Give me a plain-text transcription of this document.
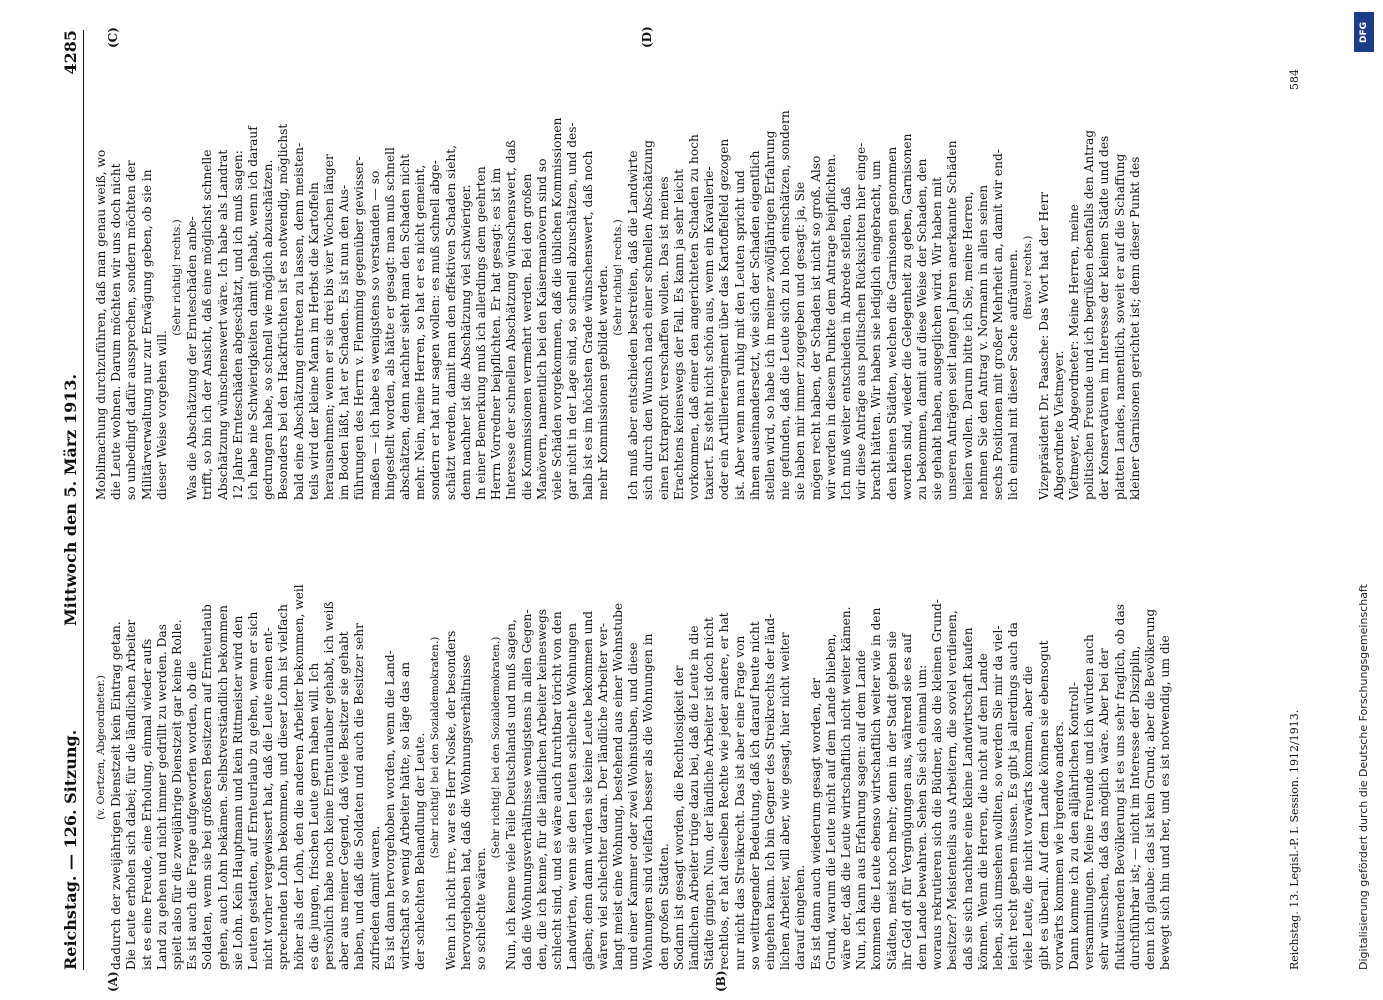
Reichstag. — 126. Sitzung.
Mittwoch den 5. März 1913.
4285
(A)	(B)
(C)	(D)
(v. Oertzen, Abgeordneter.) dadurch der zweijährigen Dienstzeit kein Eintrag getan. Die Leute erholen sich dabei; für die ländlichen Arbeiter ist es eine Freude, eine Erholung, einmal wieder aufs Land zu gehen und nicht immer gedrillt zu werden. Das spielt also für die zweijährige Dienstzeit gar keine Rolle. Es ist auch die Frage aufgeworfen worden, ob die Soldaten, wenn sie bei größeren Besitzern auf Ernteurlaub gehen, auch Lohn bekämen. Selbstverständlich bekommen sie Lohn. Kein Hauptmann und kein Rittmeister wird den Leuten gestatten, auf Ernteurlaub zu gehen, wenn er sich nicht vorher vergewissert hat, daß die Leute einen ent- sprechenden Lohn bekommen, und dieser Lohn ist vielfach höher als der Lohn, den die anderen Arbeiter bekommen, weil es die jungen, frischen Leute gern haben will. Ich persönlich habe noch keine Ernteurlauber gehabt, ich weiß aber aus meiner Gegend, daß viele Besitzer sie gehabt haben, und daß die Soldaten und auch die Besitzer sehr zufrieden damit waren. Es ist dann hervorgehoben worden, wenn die Land- wirtschaft so wenig Arbeiter hätte, so läge das an der schlechten Behandlung der Leute. (Sehr richtig! bei den Sozialdemokraten.) Wenn ich nicht irre, war es Herr Noske, der besonders hervorgehoben hat, daß die Wohnungsverhältnisse so schlechte wären.
(Sehr richtig! bei den Sozialdemokraten.) Nun, ich kenne viele Teile Deutschlands und muß sagen, daß die Wohnungsverhältnisse wenigstens in allen Gegen- den, die ich kenne, für die ländlichen Arbeiter keineswegs schlecht sind, und es wäre auch furchtbar töricht von den Landwirten, wenn sie den Leuten schlechte Wohnungen gäben; denn dann würden sie keine Leute bekommen und wären viel schlechter daran. Der ländliche Arbeiter ver- langt meist eine Wohnung, bestehend aus einer Wohnstube und einer Kammer oder zwei Wohnstuben, und diese Wohnungen sind vielfach besser als die Wohnungen in den großen Städten. Sodann ist gesagt worden, die Rechtlosigkeit der ländlichen Arbeiter trüge dazu bei, daß die Leute in die Städte gingen. Nun, der ländliche Arbeiter ist doch nicht rechtlos, er hat dieselben Rechte wie jeder andere, er hat nur nicht das Streikrecht. Das ist aber eine Frage von so weittragender Bedeutung, daß ich darauf heute nicht eingehen kann. Ich bin Gegner des Streikrechts der länd- lichen Arbeiter, will aber, wie gesagt, hier nicht weiter darauf eingehen. Es ist dann auch wiederum gesagt worden, der Grund, warum die Leute nicht auf dem Lande blieben, wäre der, daß die Leute wirtschaftlich nicht weiter kämen. Nun, ich kann aus Erfahrung sagen: auf dem Lande kommen die Leute ebenso wirtschaftlich weiter wie in den Städten, meist noch mehr; denn in der Stadt geben sie ihr Geld oft für Vergnügungen aus, während sie es auf dem Lande bewahren. Sehen Sie sich einmal um: woraus rekrutieren sich die Büdner, also die kleinen Grund- besitzer? Meistenteils aus Arbeitern, die soviel verdienen, daß sie sich nachher eine kleine Landwirtschaft kaufen können. Wenn die Herren, die nicht auf dem Lande leben, sich umsehen wollten, so werden Sie mir da viel- leicht recht geben müssen. Es gibt ja allerdings auch da viele Leute, die nicht vorwärts kommen, aber die gibt es überall. Auf dem Lande können sie ebensogut vorwärts kommen wie irgendwo anders. Dann komme ich zu den alljährlichen Kontroll- versammlungen. Meine Freunde und ich würden auch sehr wünschen, daß das möglich wäre. Aber bei der fluktuierenden Bevölkerung ist es uns sehr fraglich, ob das durchführbar ist; — nicht im Interesse der Disziplin, denn ich glaube: das ist kein Grund; aber die Bevölkerung bewegt sich hin und her, und es ist notwendig, um die
Mobilmachung durchzuführen, daß man genau weiß, wo die Leute wohnen. Darum möchten wir uns doch nicht so unbedingt dafür aussprechen, sondern möchten der Militärverwaltung nur zur Erwägung geben, ob sie in dieser Weise vorgehen will.
(Sehr richtig! rechts.) Was die Abschätzung der Ernteschäden anbe- trifft, so bin ich der Ansicht, daß eine möglichst schnelle Abschätzung wünschenswert wäre. Ich habe als Landrat 12 Jahre Ernteschäden abgeschätzt, und ich muß sagen: ich habe nie Schwierigkeiten damit gehabt, wenn ich darauf gedrungen habe, so schnell wie möglich abzuschätzen. Besonders bei den Hackfrüchten ist es notwendig, möglichst bald eine Abschätzung eintreten zu lassen, denn meisten- teils wird der kleine Mann im Herbst die Kartoffeln herausnehmen; wenn er sie drei bis vier Wochen länger im Boden läßt, hat er Schaden. Es ist nun den Aus- führungen des Herrn v. Flemming gegenüber gewisser- maßen — ich habe es wenigstens so verstanden — so hingestellt worden, als hätte er gesagt: man muß schnell abschätzen, denn nachher sieht man den Schaden nicht mehr. Nein, meine Herren, so hat er es nicht gemeint, sondern er hat nur sagen wollen: es muß schnell abge- schätzt werden, damit man den effektiven Schaden sieht, denn nachher ist die Abschätzung viel schwieriger. In einer Bemerkung muß ich allerdings dem geehrten Herrn Vorredner beipflichten. Er hat gesagt: es ist im Interesse der schnellen Abschätzung wünschenswert, daß die Kommissionen vermehrt werden. Bei den großen Manövern, namentlich bei den Kaisermanövern sind so viele Schäden vorgekommen, daß die üblichen Kommissionen gar nicht in der Lage sind, so schnell abzuschätzen, und des- halb ist es im höchsten Grade wünschenswert, daß noch mehr Kommissionen gebildet werden. (Sehr richtig! rechts.) Ich muß aber entschieden bestreiten, daß die Landwirte sich durch den Wunsch nach einer schnellen Abschätzung einen Extraprofit verschaffen wollen. Das ist meines Erachtens keineswegs der Fall. Es kann ja sehr leicht vorkommen, daß einer den angerichteten Schaden zu hoch taxiert. Es steht nicht schön aus, wenn ein Kavallerie- oder ein Artillerieregiment über das Kartoffelfeld gezogen ist. Aber wenn man ruhig mit den Leuten spricht und ihnen auseinandersetzt, wie sich der Schaden eigentlich stellen wird, so habe ich in meiner zwölfjährigen Erfahrung nie gefunden, daß die Leute sich zu hoch einschätzen, sondern sie haben mir immer zugegeben und gesagt: ja, Sie mögen recht haben, der Schaden ist nicht so groß. Also wir werden in diesem Punkte dem Antrage beipflichten. Ich muß weiter entschieden in Abrede stellen, daß wir diese Anträge aus politischen Rücksichten hier einge- bracht hätten. Wir haben sie lediglich eingebracht, um den kleinen Städten, welchen die Garnisonen genommen worden sind, wieder die Gelegenheit zu geben, Garnisonen zu bekommen, damit auf diese Weise der Schaden, den sie gehabt haben, ausgeglichen wird. Wir haben mit unseren Anträgen seit langen Jahren anerkannte Schäden heilen wollen. Darum bitte ich Sie, meine Herren, nehmen Sie den Antrag v. Normann in allen seinen sechs Positionen mit großer Mehrheit an, damit wir end- lich einmal mit dieser Sache aufräumen. (Bravo! rechts.) Vizepräsident Dr. Paasche: Das Wort hat der Herr Abgeordnete Vietmeyer. Vietmeyer, Abgeordneter: Meine Herren, meine politischen Freunde und ich begrüßen ebenfalls den Antrag der Konservativen im Interesse der kleinen Städte und des platten Landes, namentlich, soweit er auf die Schaffung kleiner Garnisonen gerichtet ist; denn dieser Punkt des
Reichstag. 13. Legisl.-P. I. Session. 1912/1913.
584
DFG
Digitalisierung gefördert durch die Deutsche Forschungsgemeinschaft
